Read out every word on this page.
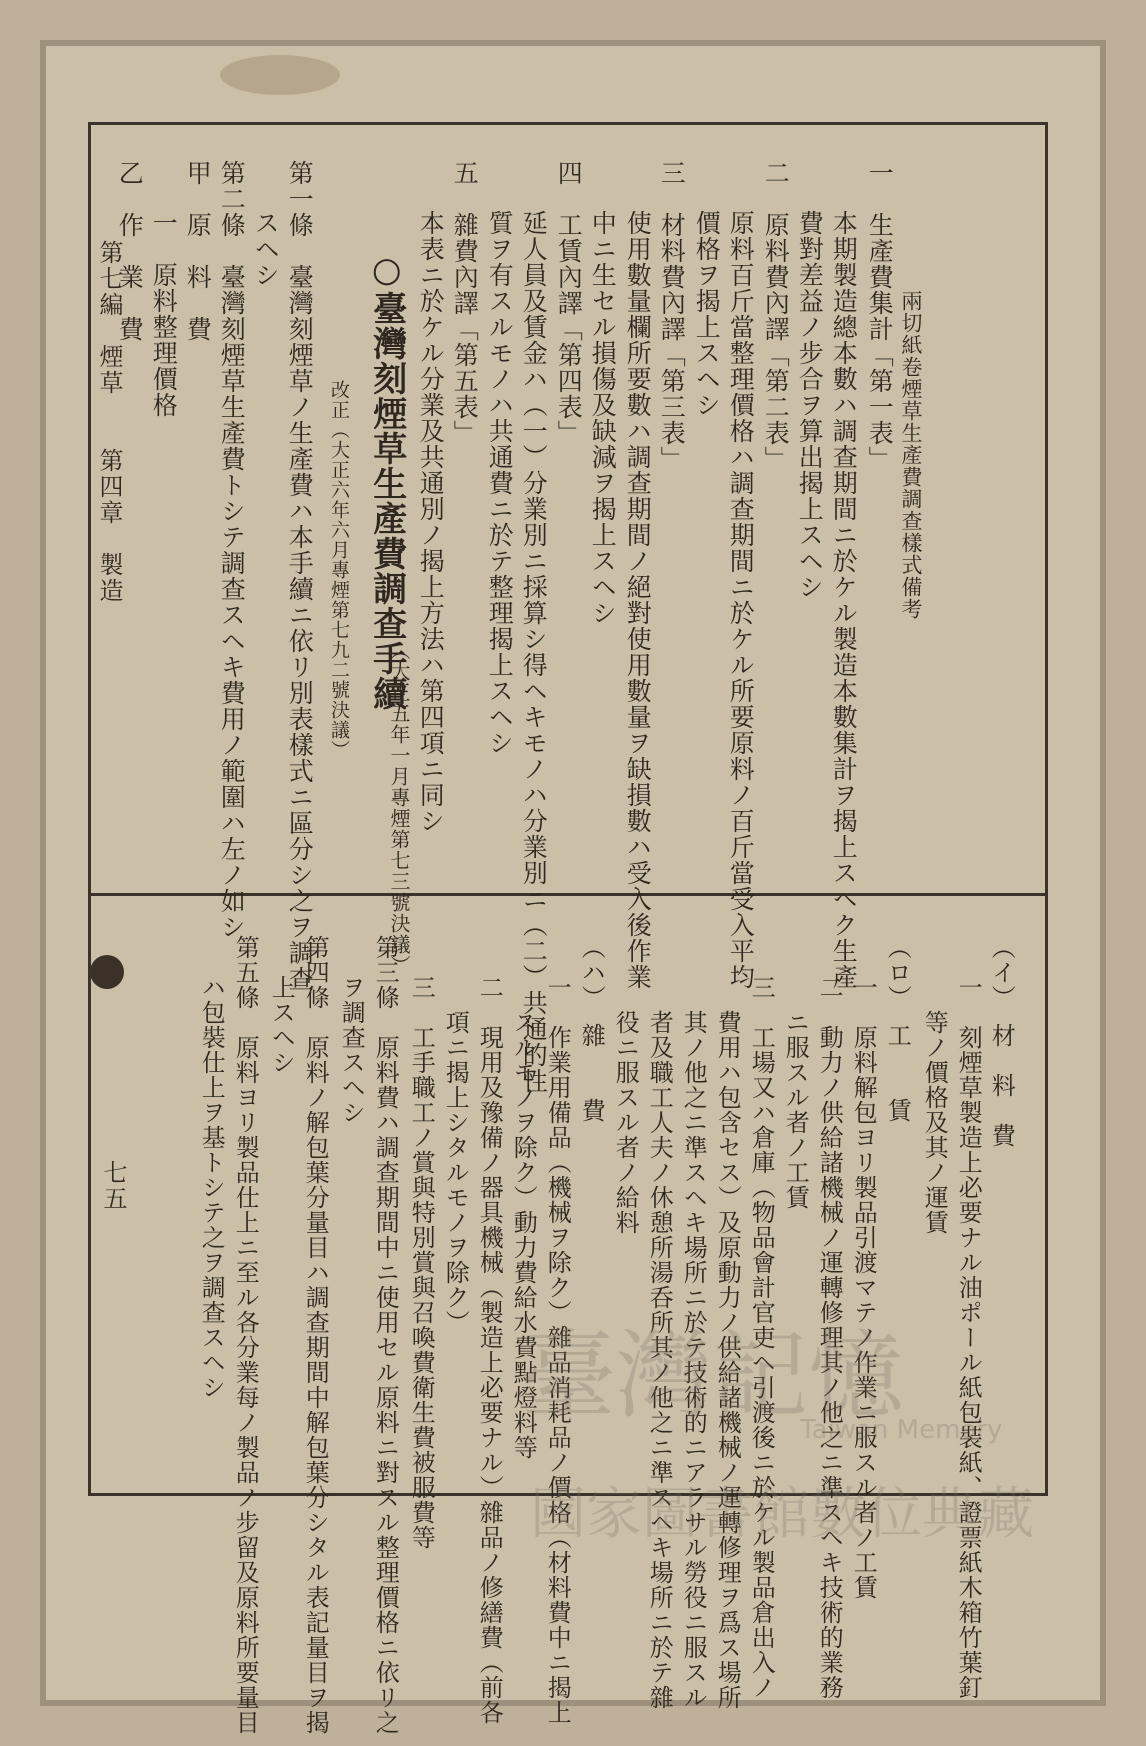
第七編　煙草　　第四章　製造
七五
兩切紙卷煙草生產費調查樣式備考
一　生產費集計「第一表」
本期製造總本數ハ調查期間ニ於ケル製造本數集計ヲ揭上スヘク生產
費對差益ノ步合ヲ算出揭上スヘシ
二　原料費內譯「第二表」
原料百斤當整理價格ハ調查期間ニ於ケル所要原料ノ百斤當受入平均
價格ヲ揭上スヘシ
三　材料費內譯「第三表」
使用數量欄所要數ハ調查期間ノ絕對使用數量ヲ缺損數ハ受入後作業
中ニ生セル損傷及缺減ヲ揭上スヘシ
四　工賃內譯「第四表」
延人員及賃金ハ（一）分業別ニ採算シ得ヘキモノハ分業別ニ（二）共通的性
質ヲ有スルモノハ共通費ニ於テ整理揭上スヘシ
五　雜費內譯「第五表」
本表ニ於ケル分業及共通別ノ揭上方法ハ第四項ニ同シ
○臺灣刻煙草生產費調查手續
（大正五年一月專煙第七三號決議）
改正（大正六年六月專煙第七九二號決議）
第一條　臺灣刻煙草ノ生產費ハ本手續ニ依リ別表樣式ニ區分シ之ヲ調查
スヘシ
第二條　臺灣刻煙草生產費トシテ調查スヘキ費用ノ範圍ハ左ノ如シ
甲　原　料　費
一　原料整理價格
乙　作　業　費
（イ）　材　料　費
一　刻煙草製造上必要ナル油ポール紙包裝紙、證票紙木箱竹葉釘
等ノ價格及其ノ運賃
（ロ）　工　　賃
一　原料解包ヨリ製品引渡マテノ作業ニ服スル者ノ工賃
二　動力ノ供給諸機械ノ運轉修理其ノ他之ニ準スヘキ技術的業務
ニ服スル者ノ工賃
三　工場又ハ倉庫（物品會計官吏ヘ引渡後ニ於ケル製品倉出入ノ
費用ハ包含セス）及原動力ノ供給諸機械ノ運轉修理ヲ爲ス場所
其ノ他之ニ準スヘキ場所ニ於テ技術的ニアラサル勞役ニ服スル
者及職工人夫ノ休憩所湯呑所其ノ他之ニ準スヘキ場所ニ於テ雜
役ニ服スル者ノ給料
（ハ）　雜　　費
一　作業用備品（機械ヲ除ク）雜品消耗品ノ價格（材料費中ニ揭上
スルモノヲ除ク）動力費給水費點燈料等
二　現用及豫備ノ器具機械（製造上必要ナル）雜品ノ修繕費（前各
項ニ揭上シタルモノヲ除ク）
三　工手職工ノ賞與特別賞與召喚費衛生費被服費等
第三條　原料費ハ調查期間中ニ使用セル原料ニ對スル整理價格ニ依リ之
ヲ調查スヘシ
第四條　原料ノ解包葉分量目ハ調查期間中解包葉分シタル表記量目ヲ揭
上スヘシ
第五條　原料ヨリ製品仕上ニ至ル各分業每ノ製品ノ步留及原料所要量目
ハ包裝仕上ヲ基トシテ之ヲ調查スヘシ	臺灣記憶
Taiwan Memory
國家圖書館數位典藏
